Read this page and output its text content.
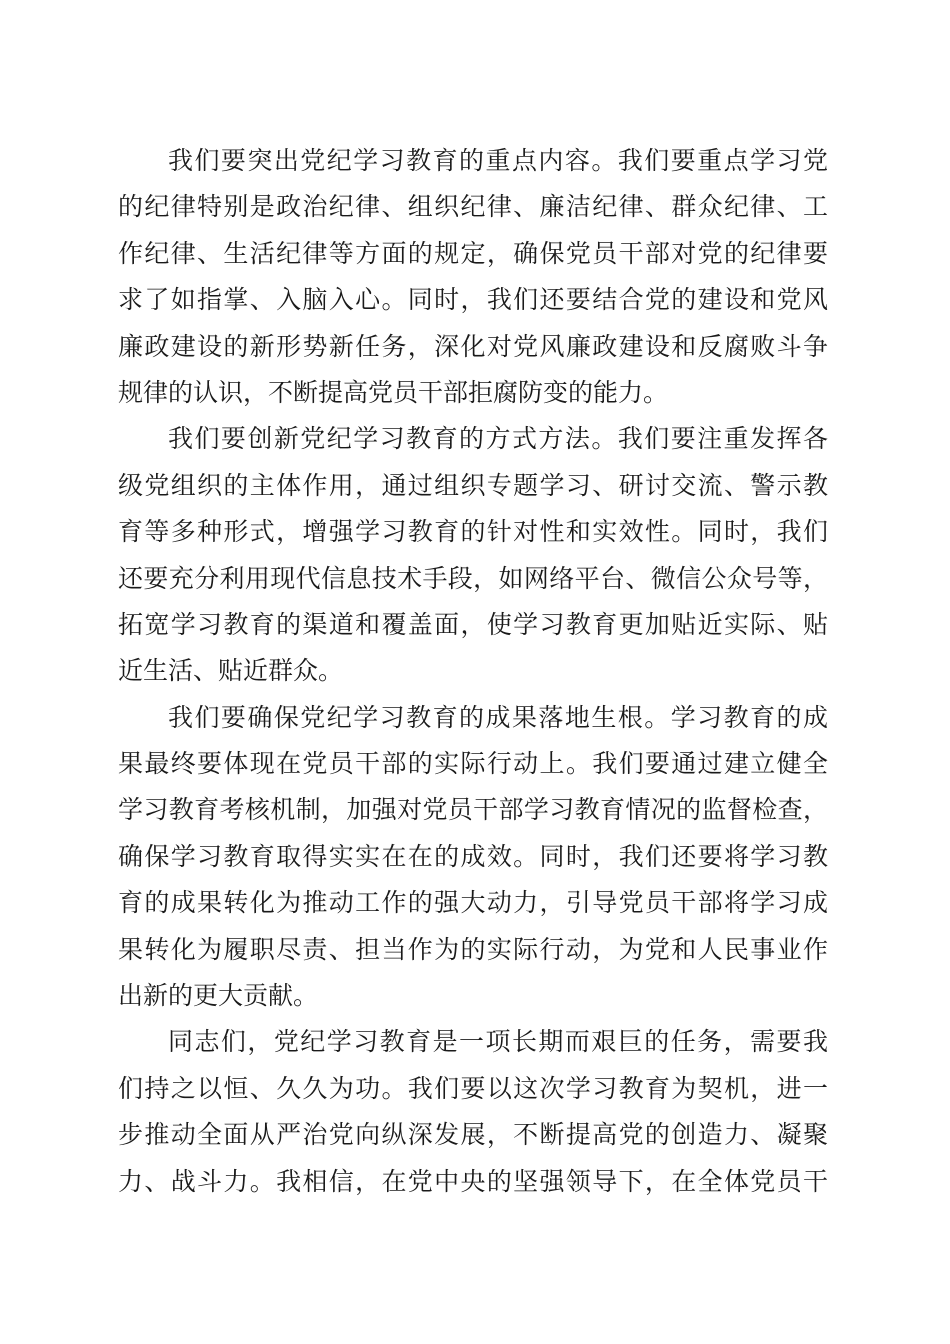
我们要突出党纪学习教育的重点内容。我们要重点学习党
的纪律特别是政治纪律、组织纪律、廉洁纪律、群众纪律、工
作纪律、生活纪律等方面的规定，确保党员干部对党的纪律要
求了如指掌、入脑入心。同时，我们还要结合党的建设和党风
廉政建设的新形势新任务，深化对党风廉政建设和反腐败斗争
规律的认识，不断提高党员干部拒腐防变的能力。
我们要创新党纪学习教育的方式方法。我们要注重发挥各
级党组织的主体作用，通过组织专题学习、研讨交流、警示教
育等多种形式，增强学习教育的针对性和实效性。同时，我们
还要充分利用现代信息技术手段，如网络平台、微信公众号等，
拓宽学习教育的渠道和覆盖面，使学习教育更加贴近实际、贴
近生活、贴近群众。
我们要确保党纪学习教育的成果落地生根。学习教育的成
果最终要体现在党员干部的实际行动上。我们要通过建立健全
学习教育考核机制，加强对党员干部学习教育情况的监督检查，
确保学习教育取得实实在在的成效。同时，我们还要将学习教
育的成果转化为推动工作的强大动力，引导党员干部将学习成
果转化为履职尽责、担当作为的实际行动，为党和人民事业作
出新的更大贡献。
同志们，党纪学习教育是一项长期而艰巨的任务，需要我
们持之以恒、久久为功。我们要以这次学习教育为契机，进一
步推动全面从严治党向纵深发展，不断提高党的创造力、凝聚
力、战斗力。我相信，在党中央的坚强领导下，在全体党员干
